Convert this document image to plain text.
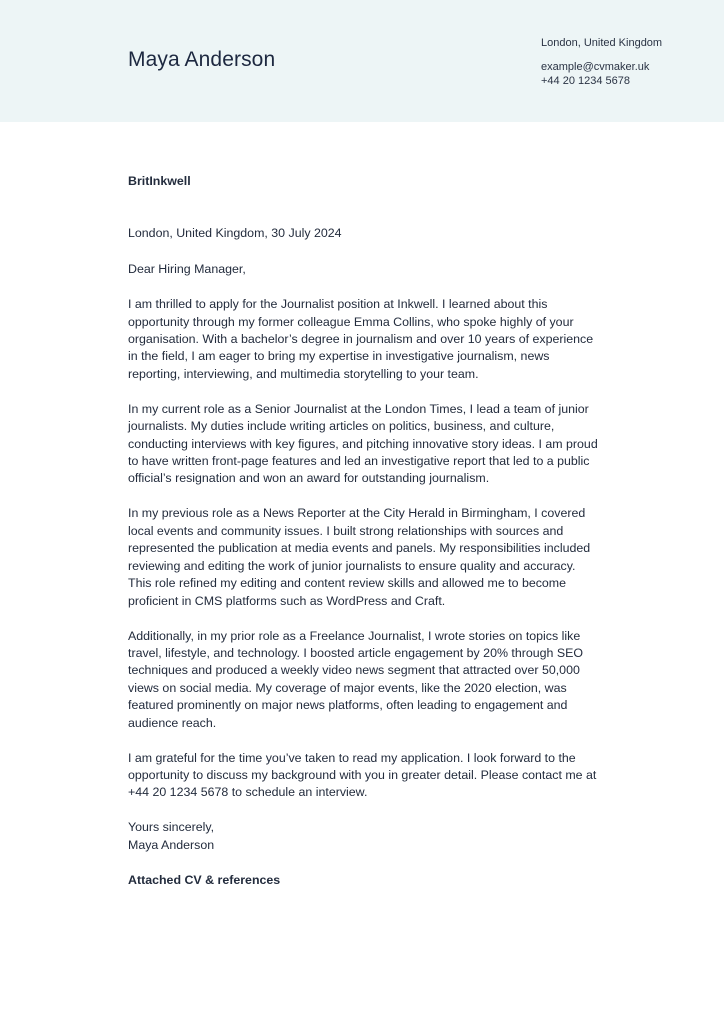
Maya Anderson
London, United Kingdom
example@cvmaker.uk
+44 20 1234 5678

BritInkwell

London, United Kingdom, 30 July 2024

Dear Hiring Manager,

I am thrilled to apply for the Journalist position at Inkwell. I learned about this opportunity through my former colleague Emma Collins, who spoke highly of your organisation. With a bachelor’s degree in journalism and over 10 years of experience in the field, I am eager to bring my expertise in investigative journalism, news reporting, interviewing, and multimedia storytelling to your team.

In my current role as a Senior Journalist at the London Times, I lead a team of junior journalists. My duties include writing articles on politics, business, and culture, conducting interviews with key figures, and pitching innovative story ideas. I am proud to have written front-page features and led an investigative report that led to a public official’s resignation and won an award for outstanding journalism.

In my previous role as a News Reporter at the City Herald in Birmingham, I covered local events and community issues. I built strong relationships with sources and represented the publication at media events and panels. My responsibilities included reviewing and editing the work of junior journalists to ensure quality and accuracy. This role refined my editing and content review skills and allowed me to become proficient in CMS platforms such as WordPress and Craft.

Additionally, in my prior role as a Freelance Journalist, I wrote stories on topics like travel, lifestyle, and technology. I boosted article engagement by 20% through SEO techniques and produced a weekly video news segment that attracted over 50,000 views on social media. My coverage of major events, like the 2020 election, was featured prominently on major news platforms, often leading to engagement and audience reach.

I am grateful for the time you’ve taken to read my application. I look forward to the opportunity to discuss my background with you in greater detail. Please contact me at +44 20 1234 5678 to schedule an interview.

Yours sincerely,

Maya Anderson

Attached CV & references
